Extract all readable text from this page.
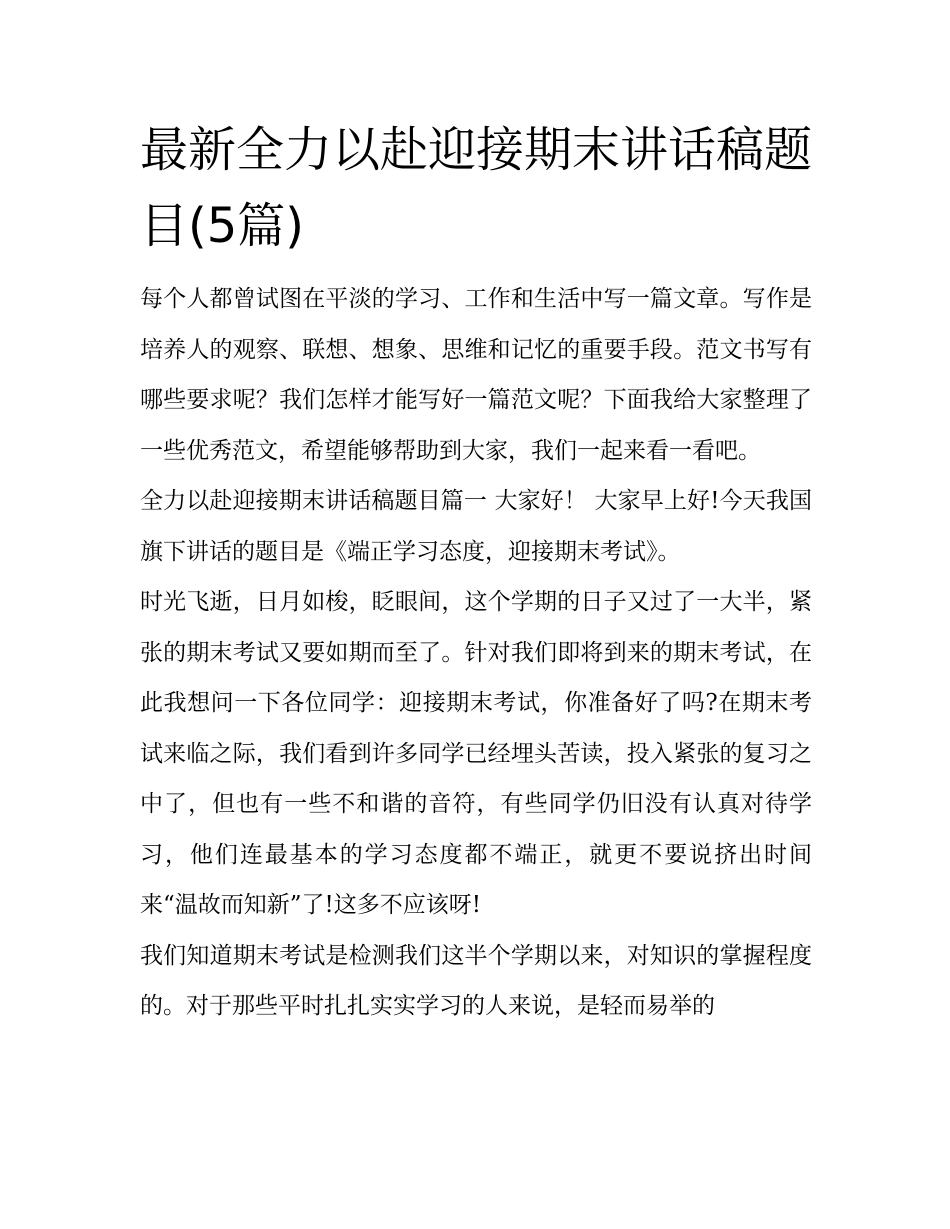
最新全力以赴迎接期末讲话稿题目(5篇)

每个人都曾试图在平淡的学习、工作和生活中写一篇文章。写作是培养人的观察、联想、想象、思维和记忆的重要手段。范文书写有哪些要求呢？我们怎样才能写好一篇范文呢？下面我给大家整理了一些优秀范文，希望能够帮助到大家，我们一起来看一看吧。

全力以赴迎接期末讲话稿题目篇一 大家好！ 大家早上好!今天我国旗下讲话的题目是《端正学习态度，迎接期末考试》。

时光飞逝，日月如梭，眨眼间，这个学期的日子又过了一大半，紧张的期末考试又要如期而至了。针对我们即将到来的期末考试，在此我想问一下各位同学：迎接期末考试，你准备好了吗?在期末考试来临之际，我们看到许多同学已经埋头苦读，投入紧张的复习之中了，但也有一些不和谐的音符，有些同学仍旧没有认真对待学习，他们连最基本的学习态度都不端正，就更不要说挤出时间来“温故而知新”了!这多不应该呀!

我们知道期末考试是检测我们这半个学期以来，对知识的掌握程度的。对于那些平时扎扎实实学习的人来说，是轻而易举的
